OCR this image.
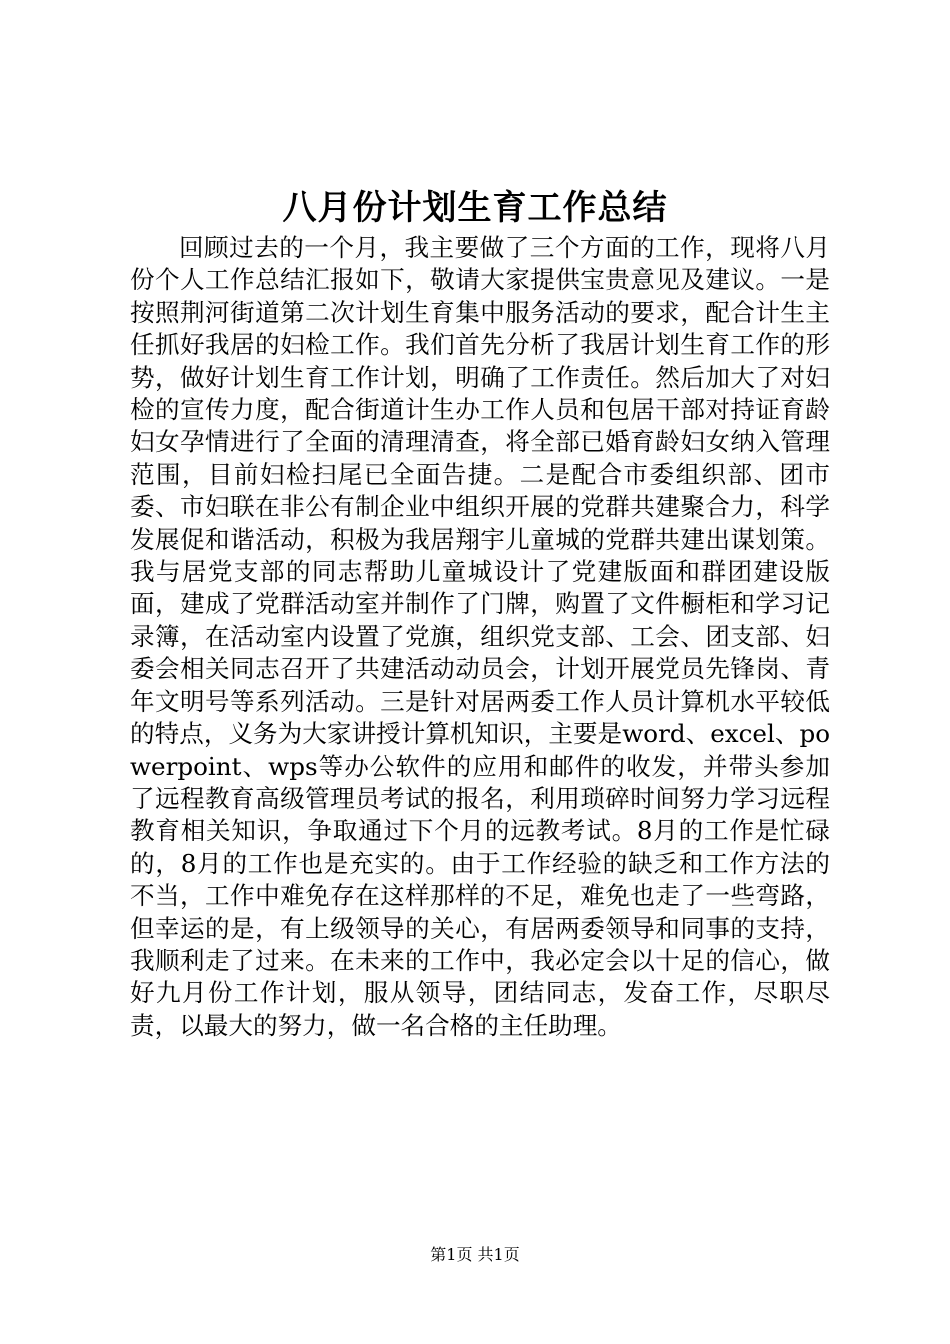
八月份计划生育工作总结

回顾过去的一个月，我主要做了三个方面的工作，现将八月份个人工作总结汇报如下，敬请大家提供宝贵意见及建议。一是按照荆河街道第二次计划生育集中服务活动的要求，配合计生主任抓好我居的妇检工作。我们首先分析了我居计划生育工作的形势，做好计划生育工作计划，明确了工作责任。然后加大了对妇检的宣传力度，配合街道计生办工作人员和包居干部对持证育龄妇女孕情进行了全面的清理清查，将全部已婚育龄妇女纳入管理范围，目前妇检扫尾已全面告捷。二是配合市委组织部、团市委、市妇联在非公有制企业中组织开展的党群共建聚合力，科学发展促和谐活动，积极为我居翔宇儿童城的党群共建出谋划策。我与居党支部的同志帮助儿童城设计了党建版面和群团建设版面，建成了党群活动室并制作了门牌，购置了文件橱柜和学习记录簿，在活动室内设置了党旗，组织党支部、工会、团支部、妇委会相关同志召开了共建活动动员会，计划开展党员先锋岗、青年文明号等系列活动。三是针对居两委工作人员计算机水平较低的特点，义务为大家讲授计算机知识，主要是word、excel、powerpoint、wps等办公软件的应用和邮件的收发，并带头参加了远程教育高级管理员考试的报名，利用琐碎时间努力学习远程教育相关知识，争取通过下个月的远教考试。8月的工作是忙碌的，8月的工作也是充实的。由于工作经验的缺乏和工作方法的不当，工作中难免存在这样那样的不足，难免也走了一些弯路，但幸运的是，有上级领导的关心，有居两委领导和同事的支持，我顺利走了过来。在未来的工作中，我必定会以十足的信心，做好九月份工作计划，服从领导，团结同志，发奋工作，尽职尽责，以最大的努力，做一名合格的主任助理。

第1页 共1页
